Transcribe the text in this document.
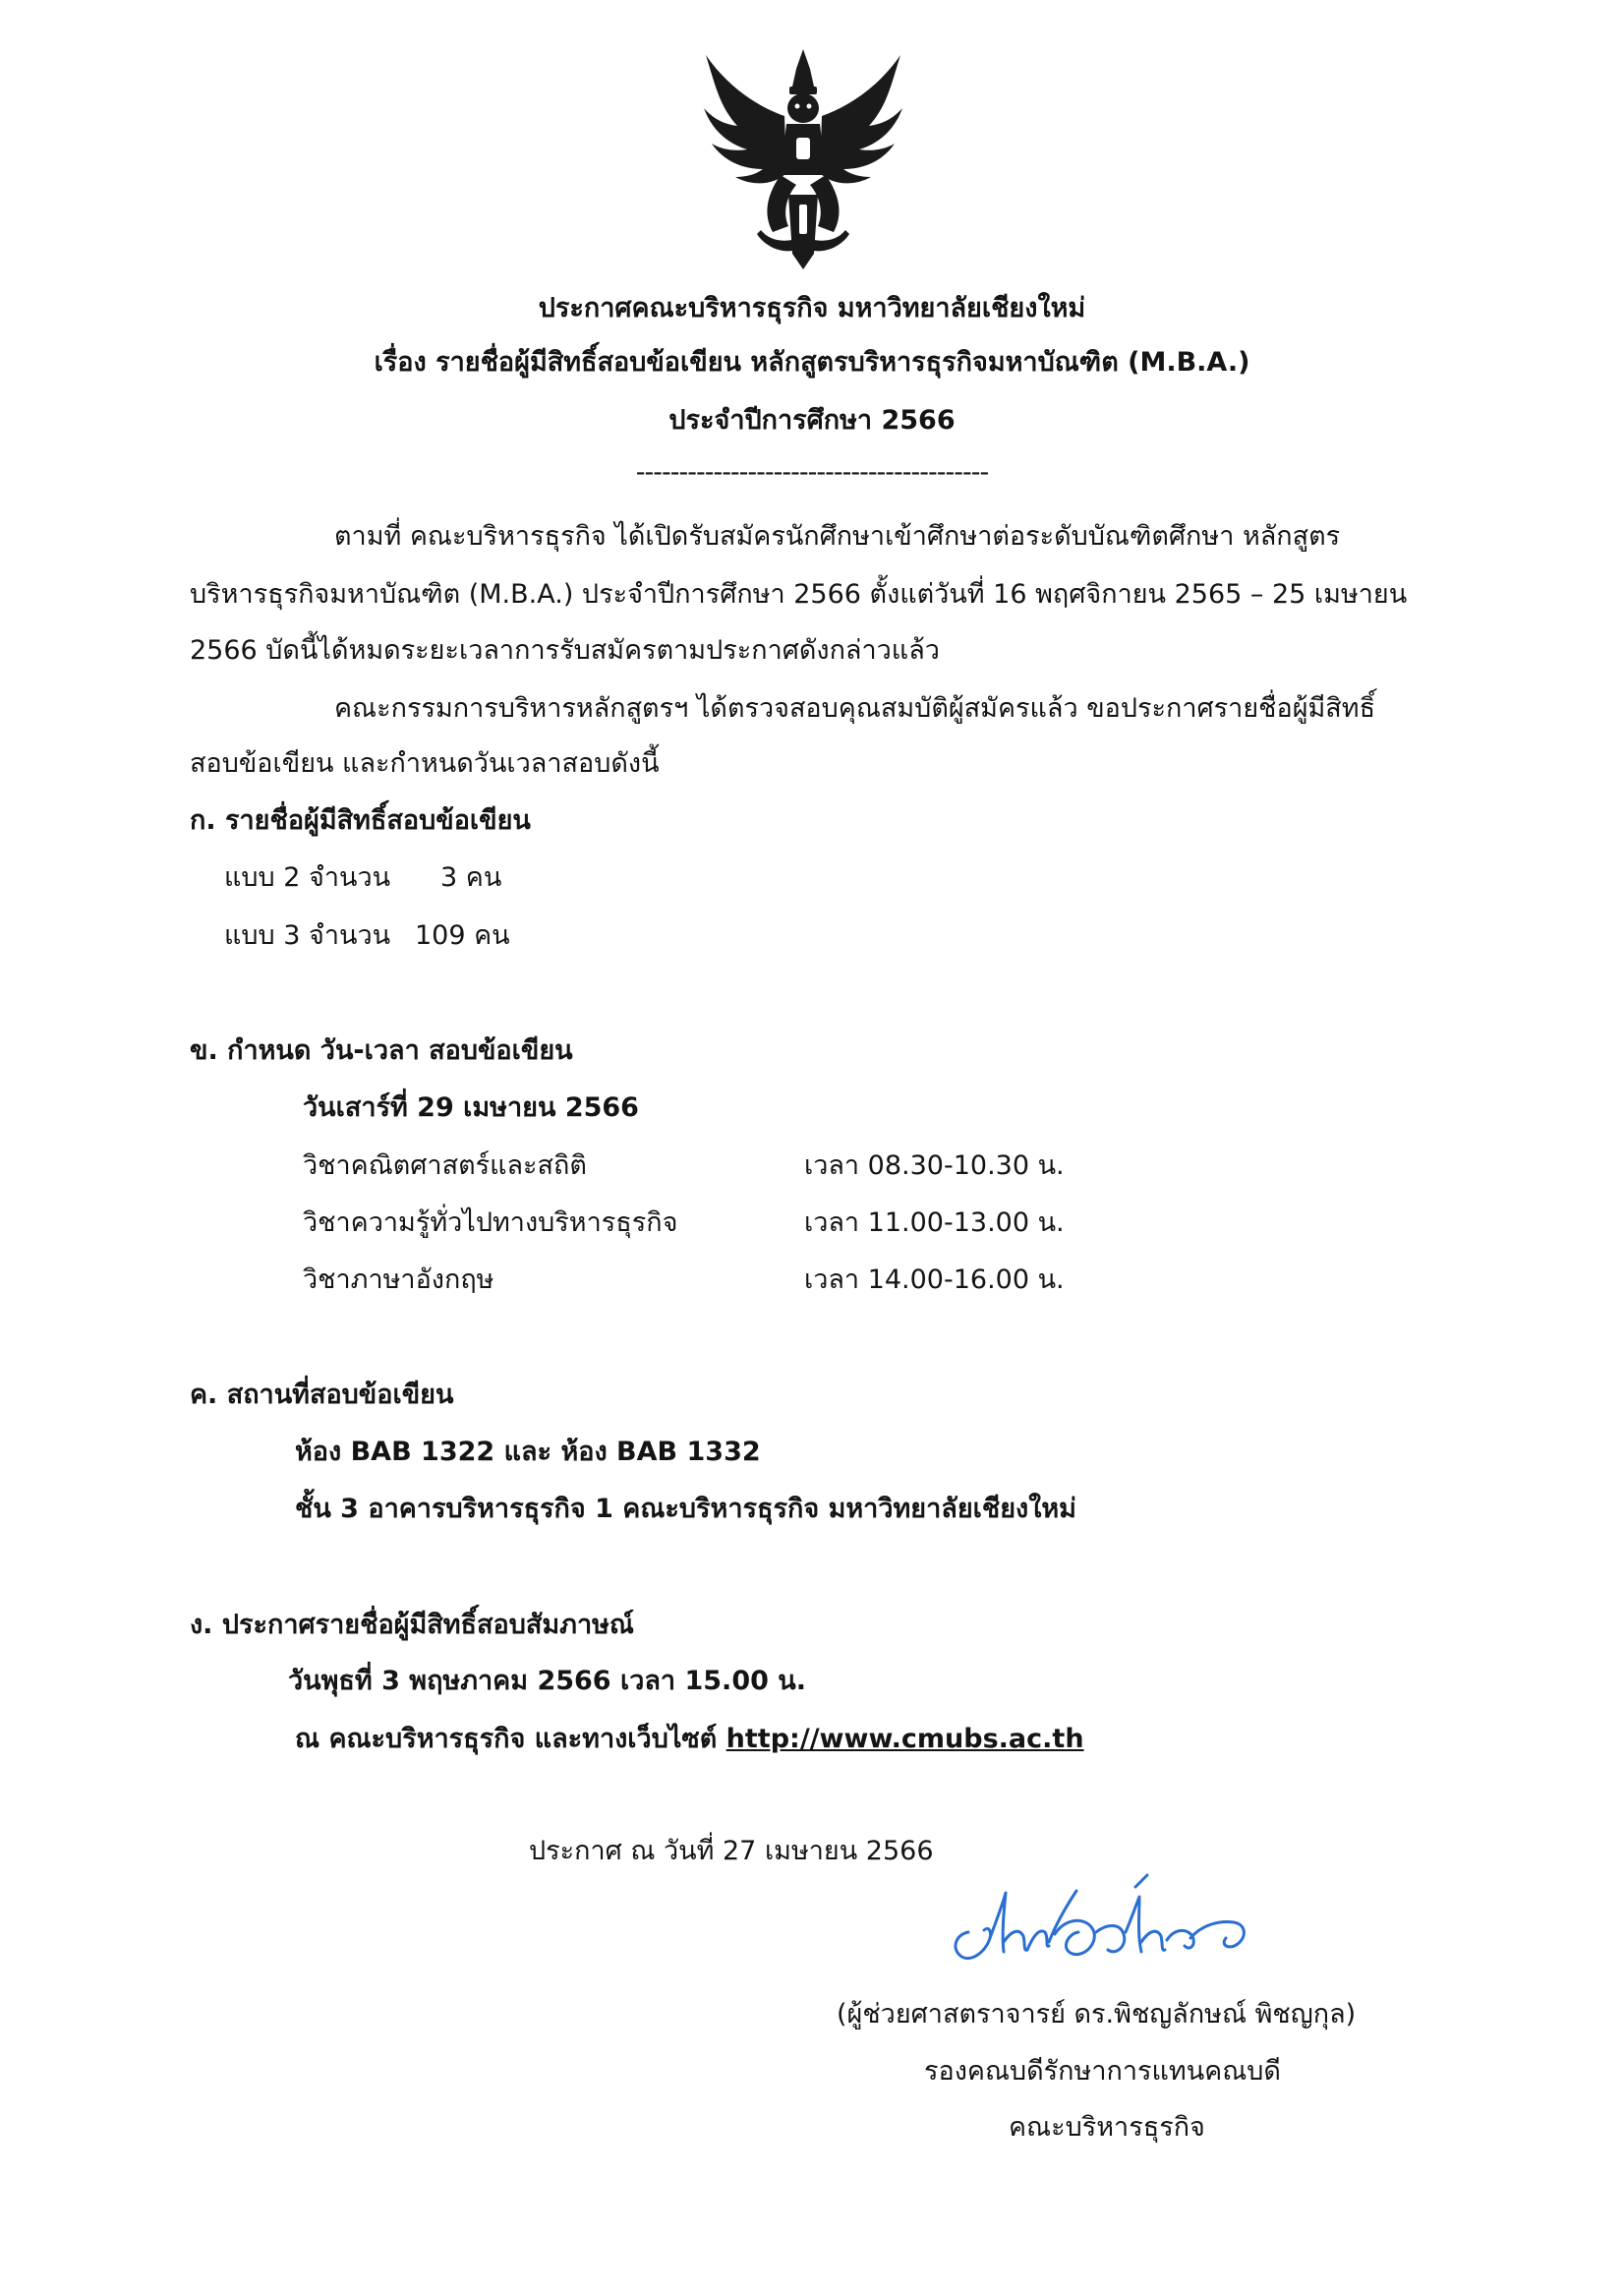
ประกาศคณะบริหารธุรกิจ มหาวิทยาลัยเชียงใหม่
เรื่อง รายชื่อผู้มีสิทธิ์สอบข้อเขียน หลักสูตรบริหารธุรกิจมหาบัณฑิต (M.B.A.)
ประจำปีการศึกษา 2566
-----------------------------------------
ตามที่ คณะบริหารธุรกิจ ได้เปิดรับสมัครนักศึกษาเข้าศึกษาต่อระดับบัณฑิตศึกษา หลักสูตร
บริหารธุรกิจมหาบัณฑิต (M.B.A.) ประจำปีการศึกษา 2566 ตั้งแต่วันที่ 16 พฤศจิกายน 2565 – 25 เมษายน
2566 บัดนี้ได้หมดระยะเวลาการรับสมัครตามประกาศดังกล่าวแล้ว
คณะกรรมการบริหารหลักสูตรฯ ได้ตรวจสอบคุณสมบัติผู้สมัครแล้ว ขอประกาศรายชื่อผู้มีสิทธิ์
สอบข้อเขียน และกำหนดวันเวลาสอบดังนี้
ก. รายชื่อผู้มีสิทธิ์สอบข้อเขียน
แบบ 2 จำนวน 3 คน
แบบ 3 จำนวน 109 คน
ข. กำหนด วัน-เวลา สอบข้อเขียน
วันเสาร์ที่ 29 เมษายน 2566
วิชาคณิตศาสตร์และสถิติ	เวลา 08.30-10.30 น.
วิชาความรู้ทั่วไปทางบริหารธุรกิจ	เวลา 11.00-13.00 น.
วิชาภาษาอังกฤษ	เวลา 14.00-16.00 น.
ค. สถานที่สอบข้อเขียน
ห้อง BAB 1322 และ ห้อง BAB 1332
ชั้น 3 อาคารบริหารธุรกิจ 1 คณะบริหารธุรกิจ มหาวิทยาลัยเชียงใหม่
ง. ประกาศรายชื่อผู้มีสิทธิ์สอบสัมภาษณ์
วันพุธที่ 3 พฤษภาคม 2566 เวลา 15.00 น.
ณ คณะบริหารธุรกิจ และทางเว็บไซต์ http://www.cmubs.ac.th
ประกาศ ณ วันที่ 27 เมษายน 2566
(ผู้ช่วยศาสตราจารย์ ดร.พิชญลักษณ์ พิชญกุล)
รองคณบดีรักษาการแทนคณบดี
คณะบริหารธุรกิจ
